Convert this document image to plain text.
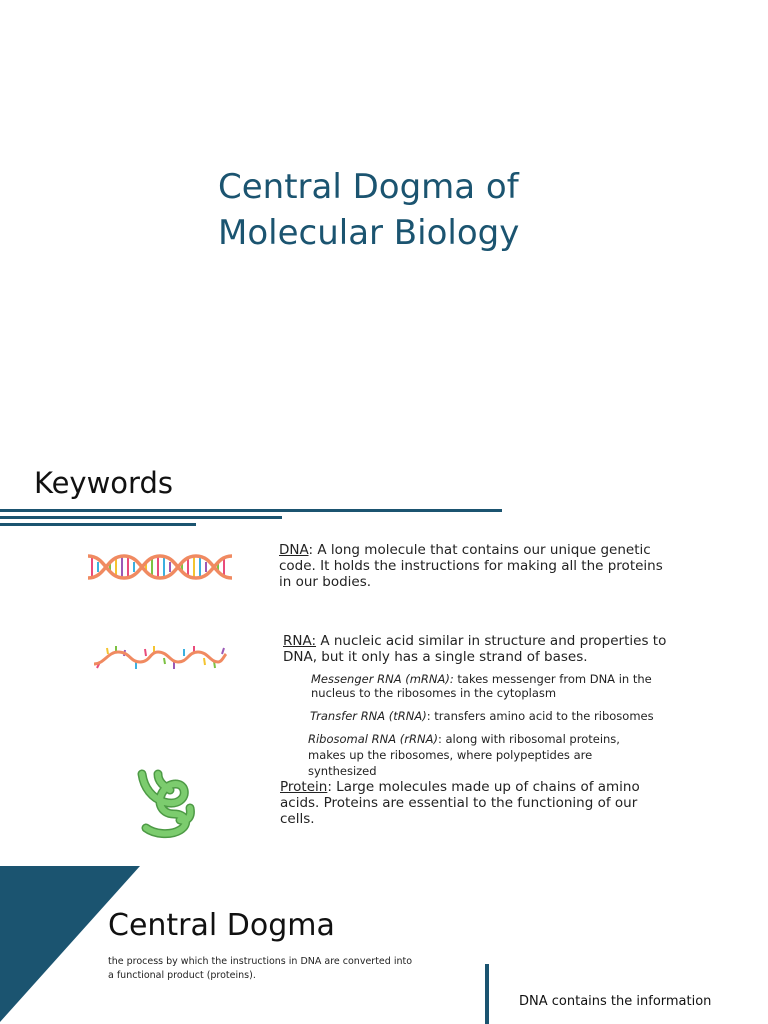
Central Dogma of
Molecular Biology
Keywords
DNA: A long molecule that contains our unique genetic code. It holds the instructions for making all the proteins in our bodies.
RNA: A nucleic acid similar in structure and properties to DNA, but it only has a single strand of bases.
Messenger RNA (mRNA): takes messenger from DNA in the nucleus to the ribosomes in the cytoplasm
Transfer RNA (tRNA): transfers amino acid to the ribosomes
Ribosomal RNA (rRNA): along with ribosomal proteins, makes up the ribosomes, where polypeptides are synthesized
Protein: Large molecules made up of chains of amino acids. Proteins are essential to the functioning of our cells.
Central Dogma
the process by which the instructions in DNA are converted into a functional product (proteins).
DNA contains the information
